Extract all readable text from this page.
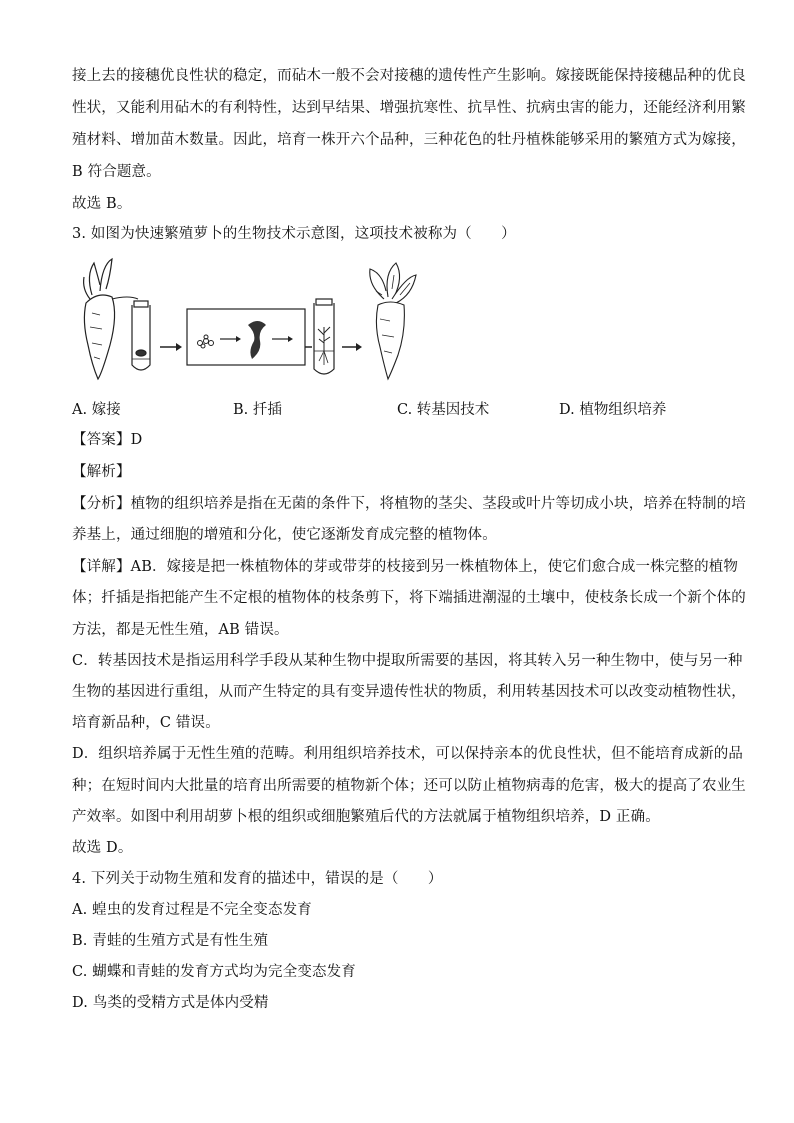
接上去的接穗优良性状的稳定，而砧木一般不会对接穗的遗传性产生影响。嫁接既能保持接穗品种的优良
性状，又能利用砧木的有利特性，达到早结果、增强抗寒性、抗旱性、抗病虫害的能力，还能经济利用繁
殖材料、增加苗木数量。因此，培育一株开六个品种，三种花色的牡丹植株能够采用的繁殖方式为嫁接，
B 符合题意。
故选 B。
3. 如图为快速繁殖萝卜的生物技术示意图，这项技术被称为（　　）
A. 嫁接	B. 扦插	C. 转基因技术	D. 植物组织培养
【答案】D
【解析】
【分析】植物的组织培养是指在无菌的条件下，将植物的茎尖、茎段或叶片等切成小块，培养在特制的培
养基上，通过细胞的增殖和分化，使它逐渐发育成完整的植物体。
【详解】AB．嫁接是把一株植物体的芽或带芽的枝接到另一株植物体上，使它们愈合成一株完整的植物
体；扦插是指把能产生不定根的植物体的枝条剪下，将下端插进潮湿的土壤中，使枝条长成一个新个体的
方法，都是无性生殖，AB 错误。
C．转基因技术是指运用科学手段从某种生物中提取所需要的基因，将其转入另一种生物中，使与另一种
生物的基因进行重组，从而产生特定的具有变异遗传性状的物质，利用转基因技术可以改变动植物性状，
培育新品种，C 错误。
D．组织培养属于无性生殖的范畴。利用组织培养技术，可以保持亲本的优良性状，但不能培育成新的品
种；在短时间内大批量的培育出所需要的植物新个体；还可以防止植物病毒的危害，极大的提高了农业生
产效率。如图中利用胡萝卜根的组织或细胞繁殖后代的方法就属于植物组织培养，D 正确。
故选 D。
4. 下列关于动物生殖和发育的描述中，错误的是（　　）
A. 蝗虫的发育过程是不完全变态发育
B. 青蛙的生殖方式是有性生殖
C. 蝴蝶和青蛙的发育方式均为完全变态发育
D. 鸟类的受精方式是体内受精
